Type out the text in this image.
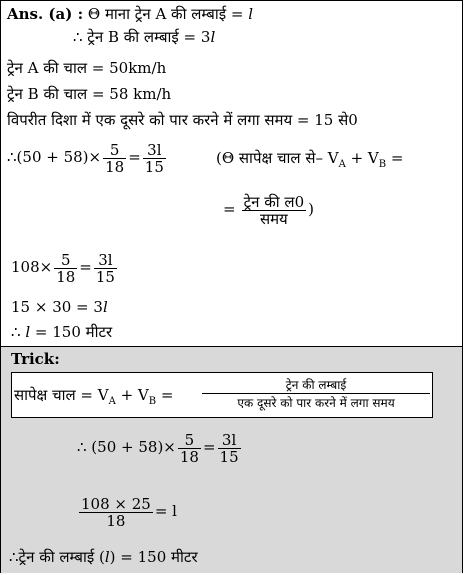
Ans. (a) : Θ माना ट्रेन A की लम्बाई = l
∴ ट्रेन B की लम्बाई = 3l
ट्रेन A की चाल = 50km/h
ट्रेन B की चाल = 58 km/h
विपरीत दिशा में एक दूसरे को पार करने में लगा समय = 15 से0
∴(50 + $58)\times \frac{5}{18} = \frac{3l}{15}$	(Θ सापेक्ष चाल से– $V_A + V_B$ =
= $\frac{\text{ट्रेन की ल0}}{\text{समय}}$ )
$108\times \frac{5}{18} = \frac{3l}{15}$
15 × 30 = 3l
∴ l = 150 मीटर
Trick:
सापेक्ष चाल = $V_A + V_B$ =
ट्रेन की लम्बाई
एक दूसरे को पार करने में लगा समय
∴ $(50 + 58)\times \frac{5}{18} = \frac{3l}{15}$
$\frac{108 \times 25}{18} = l$
∴ट्रेन की लम्बाई (l) = 150 मीटर
